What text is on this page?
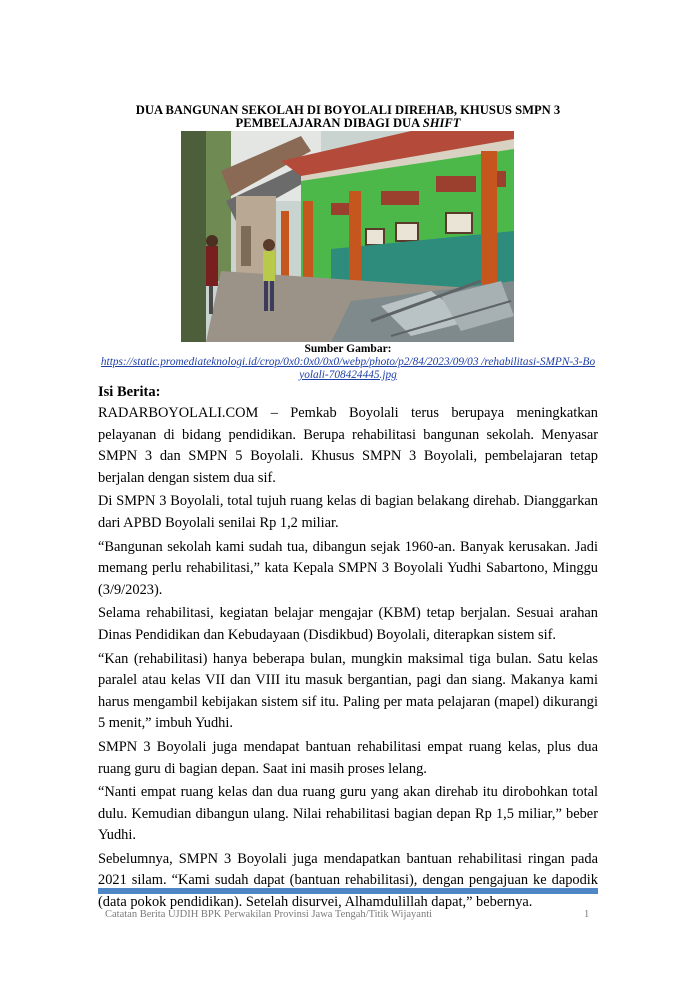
DUA BANGUNAN SEKOLAH DI BOYOLALI DIREHAB, KHUSUS SMPN 3
PEMBELAJARAN DIBAGI DUA SHIFT
Sumber Gambar:
https://static.promediateknologi.id/crop/0x0:0x0/0x0/webp/photo/p2/84/2023/09/03 /rehabilitasi-SMPN-3-Boyolali-708424445.jpg
Isi Berita:

RADARBOYOLALI.COM – Pemkab Boyolali terus berupaya meningkatkan pelayanan di bidang pendidikan. Berupa rehabilitasi bangunan sekolah. Menyasar SMPN 3 dan SMPN 5 Boyolali. Khusus SMPN 3 Boyolali, pembelajaran tetap berjalan dengan sistem dua sif.

Di SMPN 3 Boyolali, total tujuh ruang kelas di bagian belakang direhab. Dianggarkan dari APBD Boyolali senilai Rp 1,2 miliar.

“Bangunan sekolah kami sudah tua, dibangun sejak 1960-an. Banyak kerusakan. Jadi memang perlu rehabilitasi,” kata Kepala SMPN 3 Boyolali Yudhi Sabartono, Minggu (3/9/2023).

Selama rehabilitasi, kegiatan belajar mengajar (KBM) tetap berjalan. Sesuai arahan Dinas Pendidikan dan Kebudayaan (Disdikbud) Boyolali, diterapkan sistem sif.

“Kan (rehabilitasi) hanya beberapa bulan, mungkin maksimal tiga bulan. Satu kelas paralel atau kelas VII dan VIII itu masuk bergantian, pagi dan siang. Makanya kami harus mengambil kebijakan sistem sif itu. Paling per mata pelajaran (mapel) dikurangi 5 menit,” imbuh Yudhi.

SMPN 3 Boyolali juga mendapat bantuan rehabilitasi empat ruang kelas, plus dua ruang guru di bagian depan. Saat ini masih proses lelang.

“Nanti empat ruang kelas dan dua ruang guru yang akan direhab itu dirobohkan total dulu. Kemudian dibangun ulang. Nilai rehabilitasi bagian depan Rp 1,5 miliar,” beber Yudhi.

Sebelumnya, SMPN 3 Boyolali juga mendapatkan bantuan rehabilitasi ringan pada 2021 silam. “Kami sudah dapat (bantuan rehabilitasi), dengan pengajuan ke dapodik (data pokok pendidikan). Setelah disurvei, Alhamdulillah dapat,” bebernya.

Catatan Berita UJDIH BPK Perwakilan Provinsi Jawa Tengah/Titik Wijayanti	1
